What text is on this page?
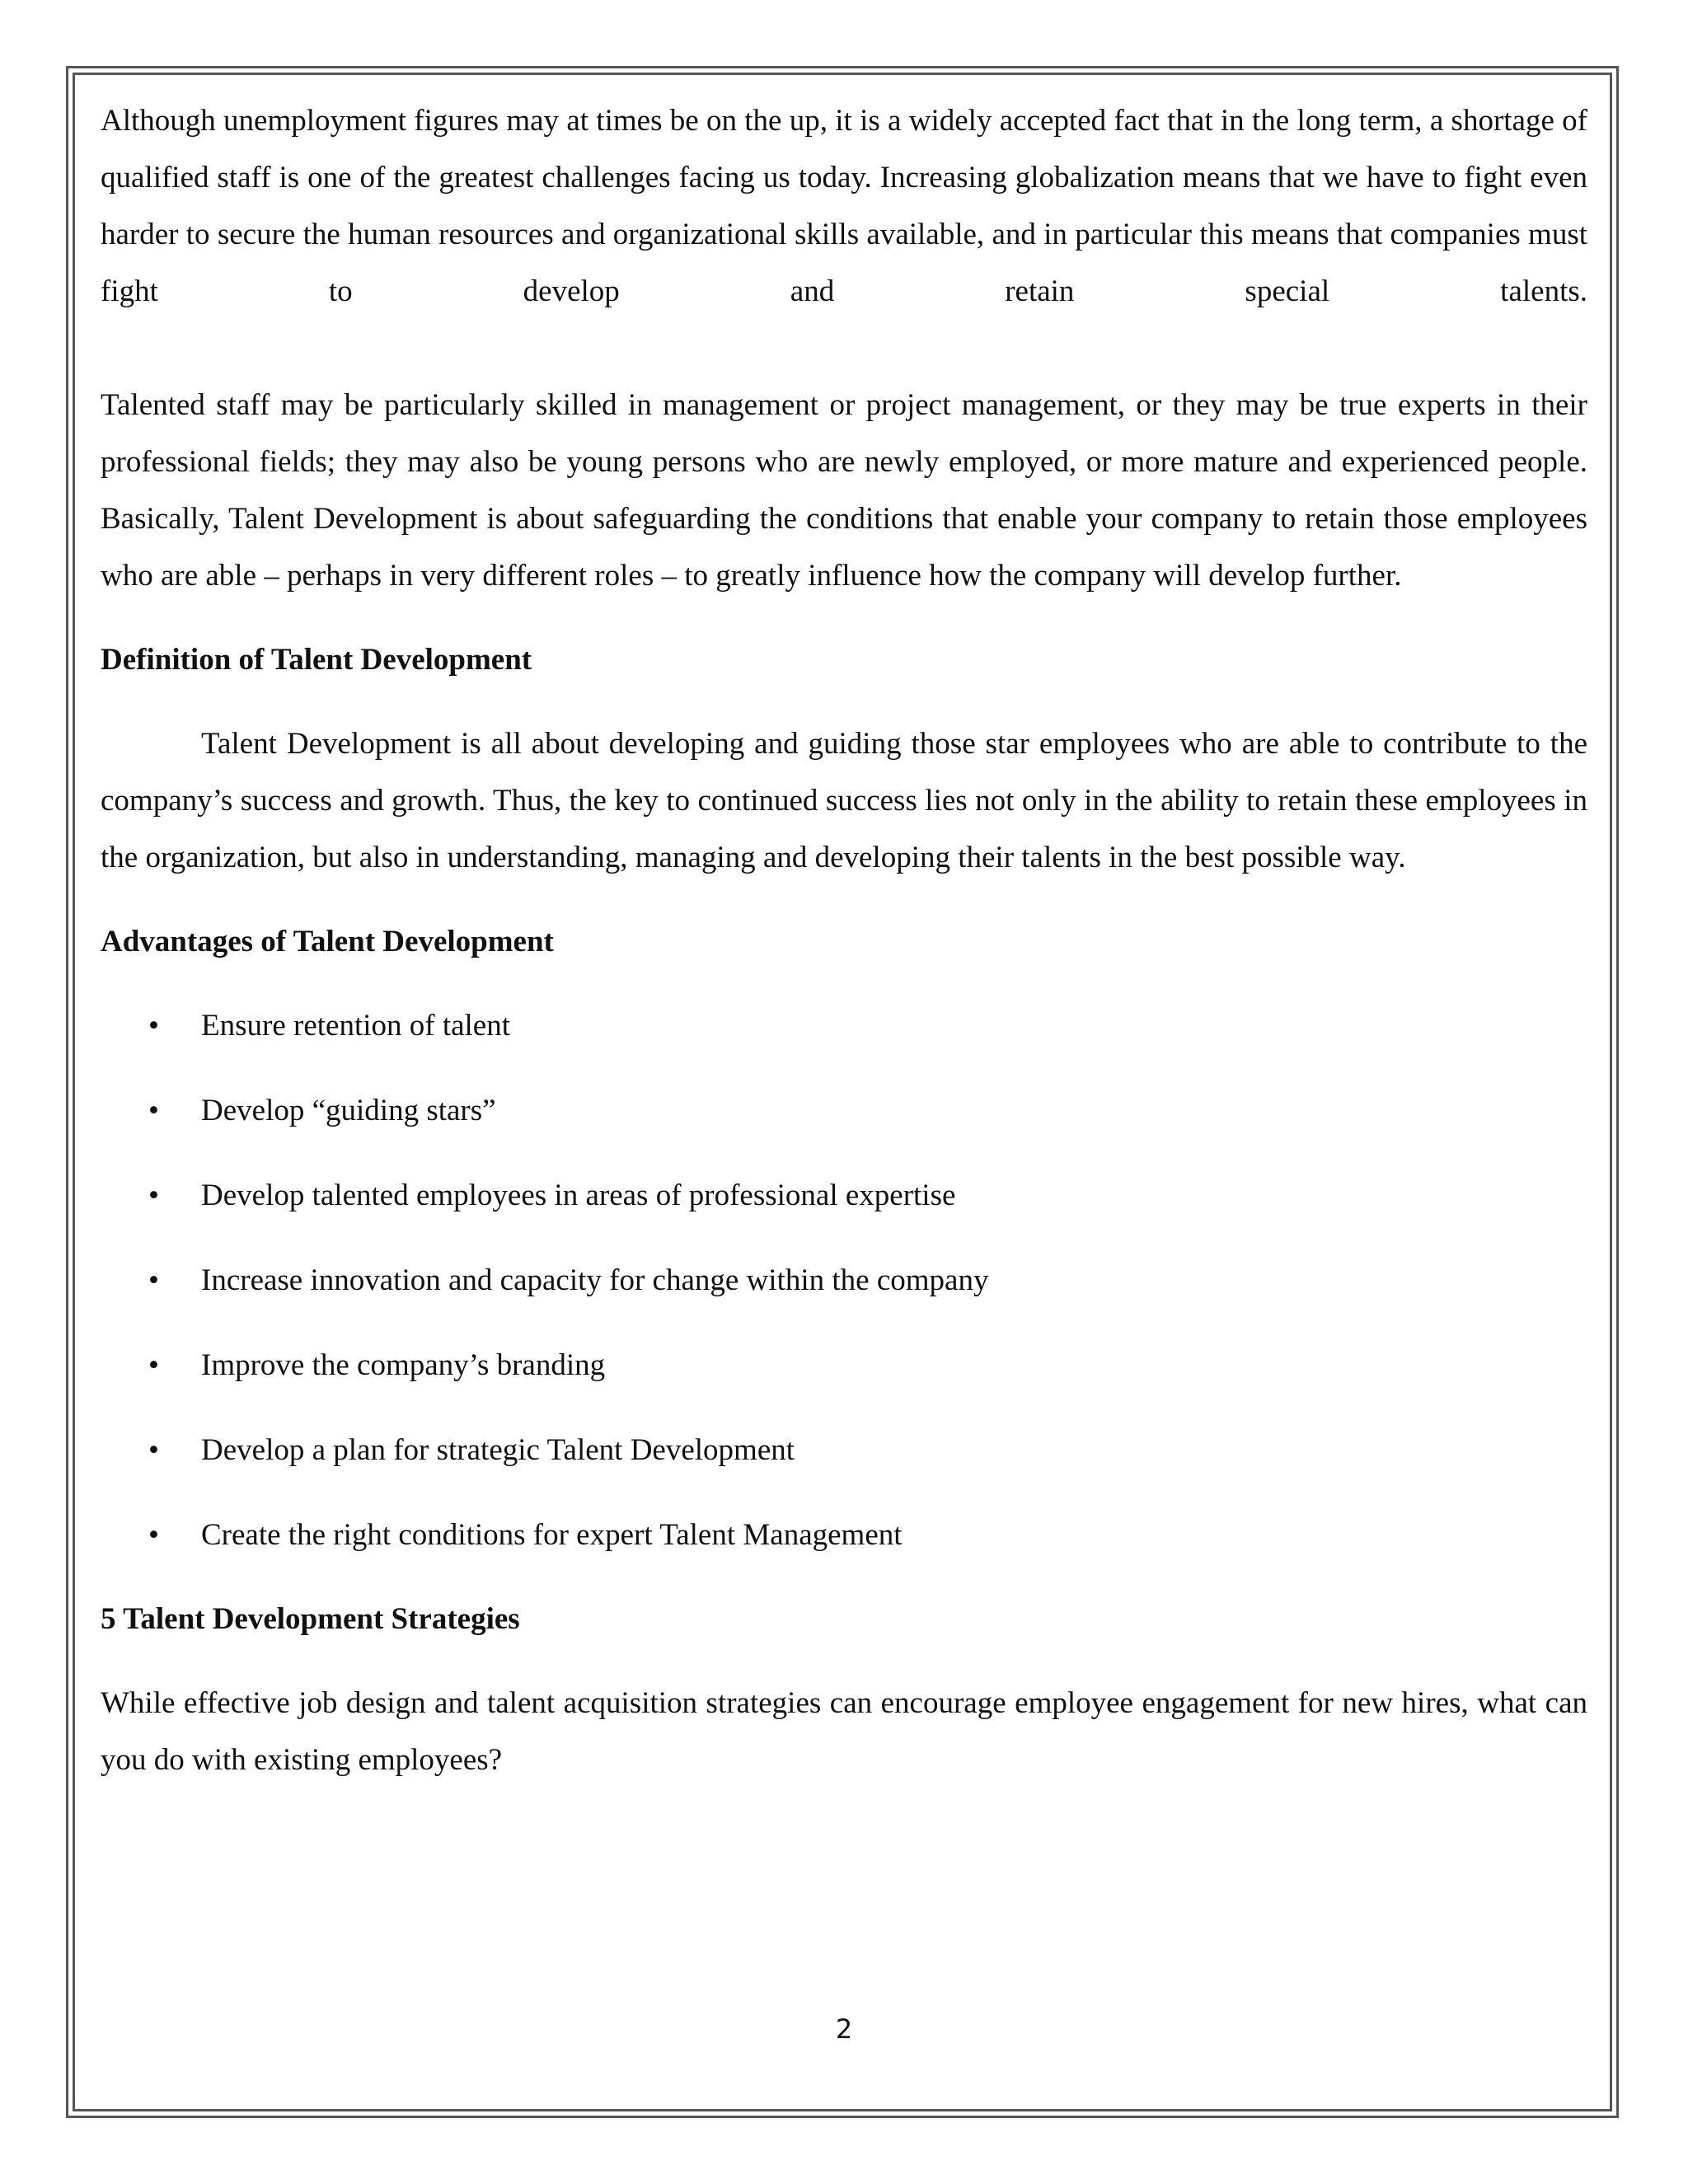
Although unemployment figures may at times be on the up, it is a widely accepted fact that in the long term, a shortage of qualified staff is one of the greatest challenges facing us today. Increasing globalization means that we have to fight even harder to secure the human resources and organizational skills available, and in particular this means that companies must fight to develop and retain special talents.

Talented staff may be particularly skilled in management or project management, or they may be true experts in their professional fields; they may also be young persons who are newly employed, or more mature and experienced people. Basically, Talent Development is about safeguarding the conditions that enable your company to retain those employees who are able – perhaps in very different roles – to greatly influence how the company will develop further.

Definition of Talent Development

Talent Development is all about developing and guiding those star employees who are able to contribute to the company’s success and growth. Thus, the key to continued success lies not only in the ability to retain these employees in the organization, but also in understanding, managing and developing their talents in the best possible way.

Advantages of Talent Development

• Ensure retention of talent
• Develop “guiding stars”
• Develop talented employees in areas of professional expertise
• Increase innovation and capacity for change within the company
• Improve the company’s branding
• Develop a plan for strategic Talent Development
• Create the right conditions for expert Talent Management

5 Talent Development Strategies

While effective job design and talent acquisition strategies can encourage employee engagement for new hires, what can you do with existing employees?

2
